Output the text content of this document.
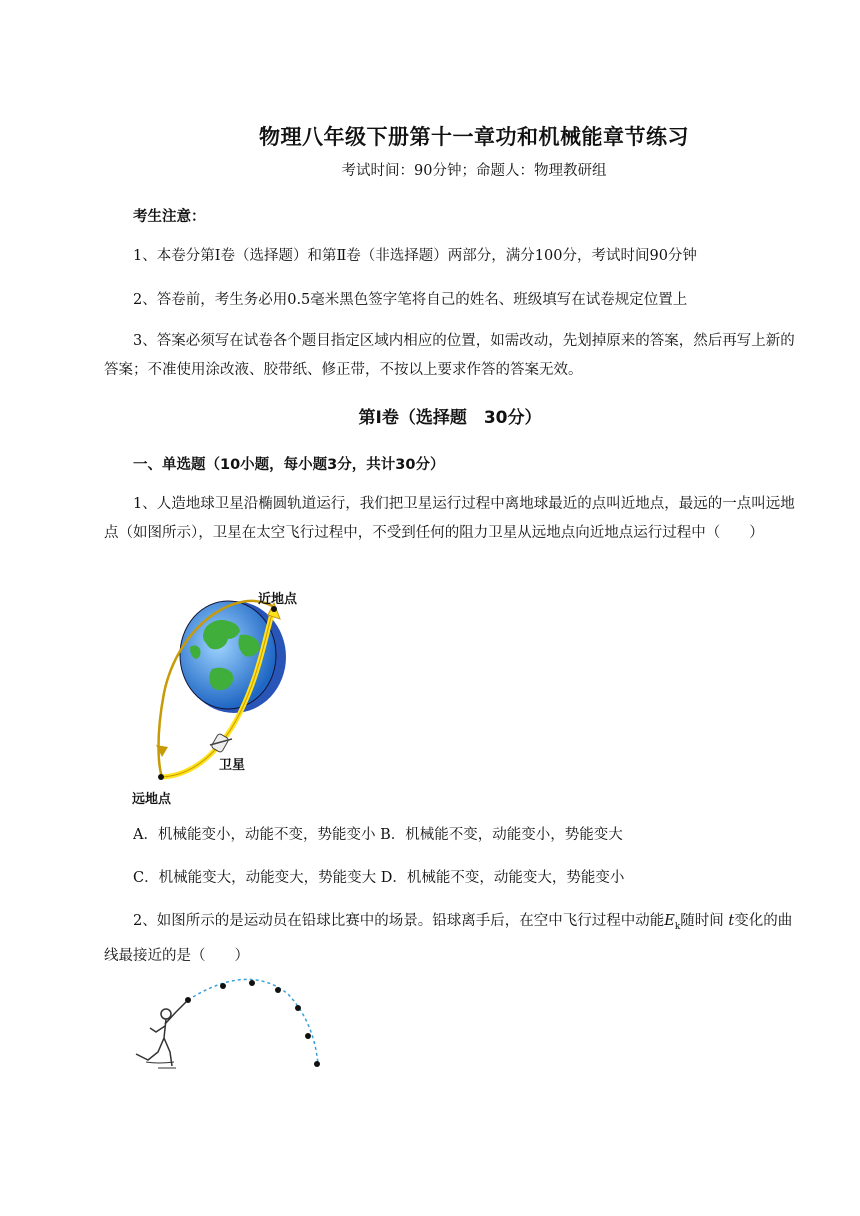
物理八年级下册第十一章功和机械能章节练习
考试时间：90分钟；命题人：物理教研组
考生注意：
1、本卷分第Ⅰ卷（选择题）和第Ⅱ卷（非选择题）两部分，满分100分，考试时间90分钟
2、答卷前，考生务必用0.5毫米黑色签字笔将自己的姓名、班级填写在试卷规定位置上
3、答案必须写在试卷各个题目指定区域内相应的位置，如需改动，先划掉原来的答案，然后再写上新的答案；不准使用涂改液、胶带纸、修正带，不按以上要求作答的答案无效。
第Ⅰ卷（选择题　30分）
一、单选题（10小题，每小题3分，共计30分）
1、人造地球卫星沿椭圆轨道运行，我们把卫星运行过程中离地球最近的点叫近地点，最远的一点叫远地点（如图所示），卫星在太空飞行过程中，不受到任何的阻力卫星从远地点向近地点运行过程中（　　）
近地点
远地点
卫星
A．机械能变小，动能不变，势能变小 B．机械能不变，动能变小，势能变大
C．机械能变大，动能变大，势能变大 D．机械能不变，动能变大，势能变小
2、如图所示的是运动员在铅球比赛中的场景。铅球离手后，在空中飞行过程中动能$E_k$随时间 t变化的曲线最接近的是（　　）
